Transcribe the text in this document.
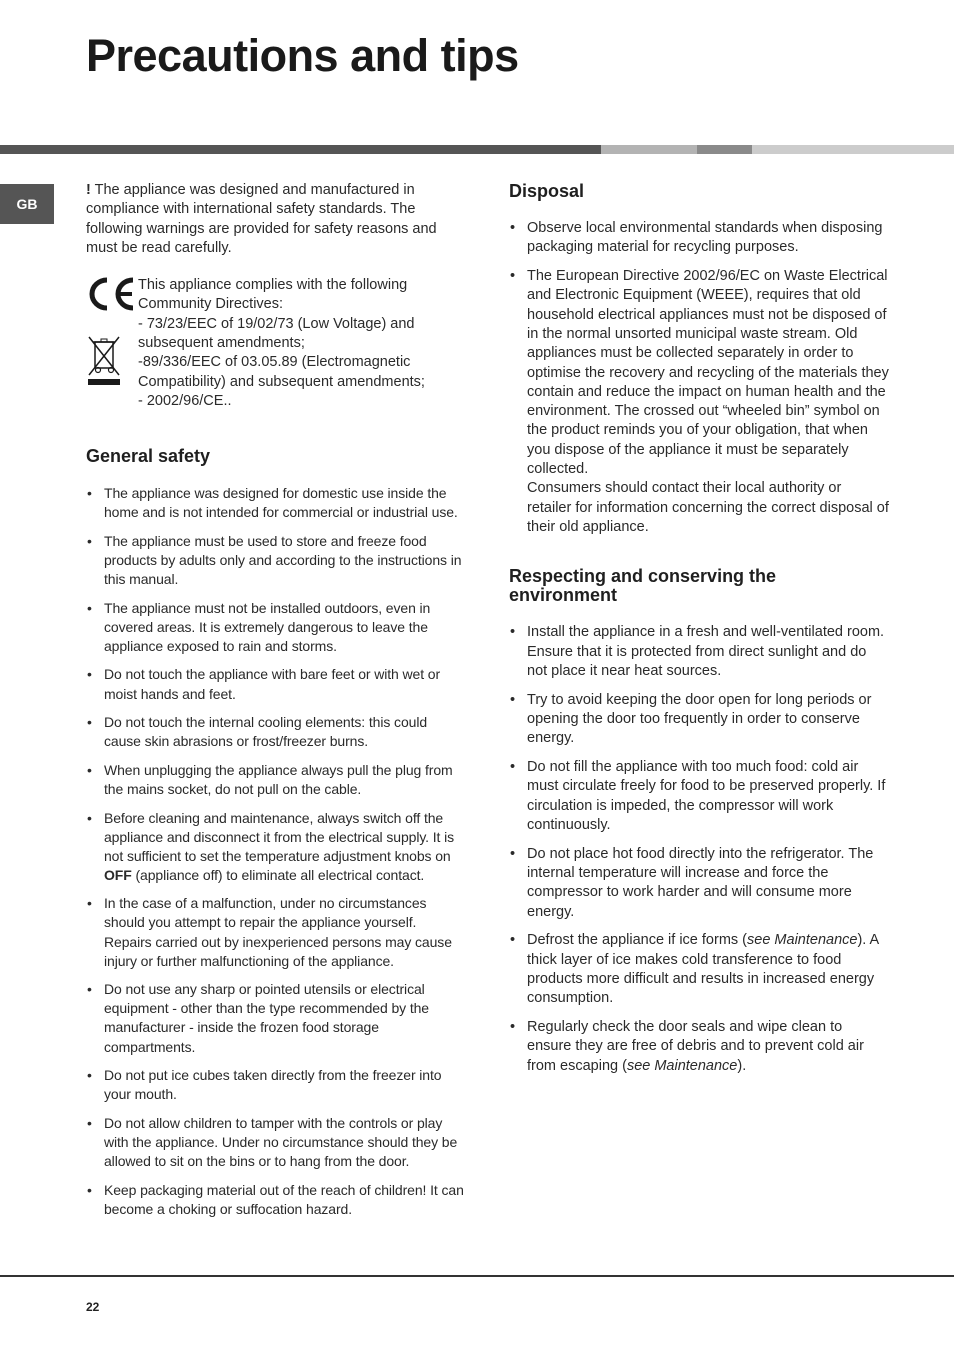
Precautions and tips
GB

! The appliance was designed and manufactured in compliance with international safety standards. The following warnings are provided for safety reasons and must be read carefully.

This appliance complies with the following Community Directives:
- 73/23/EEC of 19/02/73 (Low Voltage) and subsequent amendments;
-89/336/EEC of 03.05.89 (Electromagnetic Compatibility) and subsequent amendments;
- 2002/96/CE..
General safety
• The appliance was designed for domestic use inside the home and is not intended for commercial or industrial use.
• The appliance must be used to store and freeze food products by adults only and according to the instructions in this manual.
• The appliance must not be installed outdoors, even in covered areas. It is extremely dangerous to leave the appliance exposed to rain and storms.
• Do not touch the appliance with bare feet or with wet or moist hands and feet.
• Do not touch the internal cooling elements: this could cause skin abrasions or frost/freezer burns.
• When unplugging the appliance always pull the plug from the mains socket, do not pull on the cable.
• Before cleaning and maintenance, always switch off the appliance and disconnect it from the electrical supply. It is not sufficient to set the temperature adjustment knobs on OFF (appliance off) to eliminate all electrical contact.
• In the case of a malfunction, under no circumstances should you attempt to repair the appliance yourself. Repairs carried out by inexperienced persons may cause injury or further malfunctioning of the appliance.
• Do not use any sharp or pointed utensils or electrical equipment - other than the type recommended by the manufacturer - inside the frozen food storage compartments.
• Do not put ice cubes taken directly from the freezer into your mouth.
• Do not allow children to tamper with the controls or play with the appliance. Under no circumstance should they be allowed to sit on the bins or to hang from the door.
• Keep packaging material out of the reach of children! It can become a choking or suffocation hazard.
Disposal
• Observe local environmental standards when disposing packaging material for recycling purposes.
• The European Directive 2002/96/EC on Waste Electrical and Electronic Equipment (WEEE), requires that old household electrical appliances must not be disposed of in the normal unsorted municipal waste stream. Old appliances must be collected separately in order to optimise the recovery and recycling of the materials they contain and reduce the impact on human health and the environment. The crossed out “wheeled bin” symbol on the product reminds you of your obligation, that when you dispose of the appliance it must be separately collected.
Consumers should contact their local authority or retailer for information concerning the correct disposal of their old appliance.
Respecting and conserving the environment
• Install the appliance in a fresh and well-ventilated room. Ensure that it is protected from direct sunlight and do not place it near heat sources.
• Try to avoid keeping the door open for long periods or opening the door too frequently in order to conserve energy.
• Do not fill the appliance with too much food: cold air must circulate freely for food to be preserved properly. If circulation is impeded, the compressor will work continuously.
• Do not place hot food directly into the refrigerator. The internal temperature will increase and force the compressor to work harder and will consume more energy.
• Defrost the appliance if ice forms (see Maintenance). A thick layer of ice makes cold transference to food products more difficult and results in increased energy consumption.
• Regularly check the door seals and wipe clean to ensure they are free of debris and to prevent cold air from escaping (see Maintenance).
22
